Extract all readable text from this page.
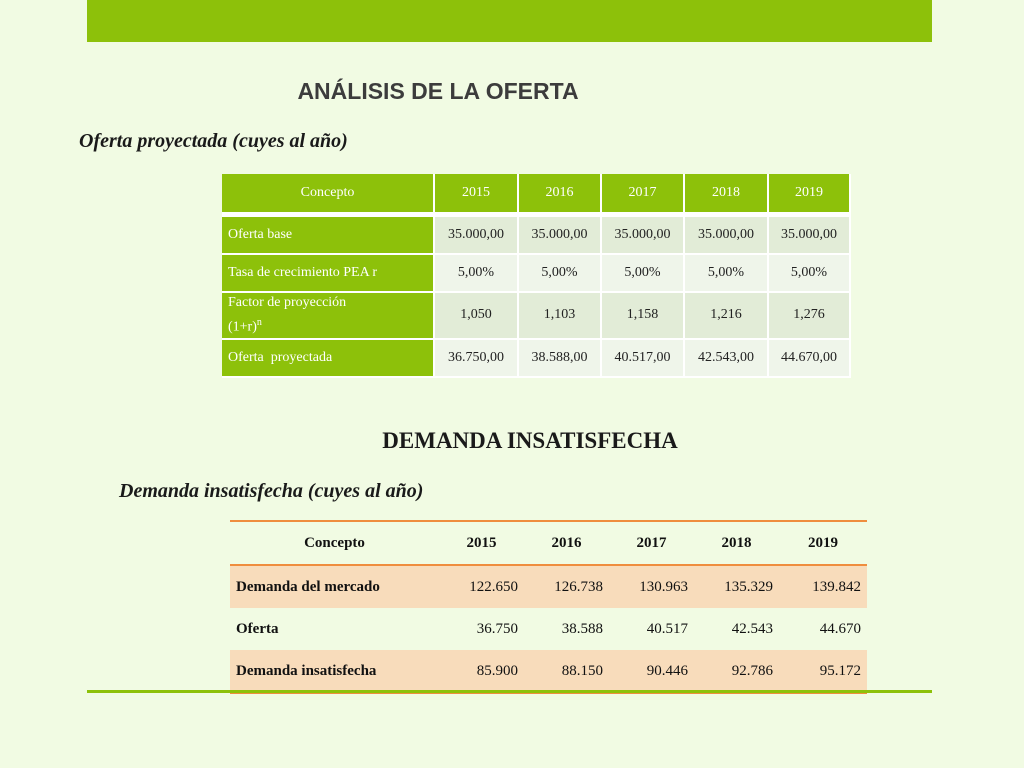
ANÁLISIS DE LA OFERTA
Oferta proyectada (cuyes al año)
Concepto	2015	2016	2017	2018	2019
Oferta base	35.000,00	35.000,00	35.000,00	35.000,00	35.000,00
Tasa de crecimiento PEA r	5,00%	5,00%	5,00%	5,00%	5,00%
Factor de proyección
$(1+r)^n$	1,050	1,103	1,158	1,216	1,276
Oferta  proyectada	36.750,00	38.588,00	40.517,00	42.543,00	44.670,00
DEMANDA INSATISFECHA
Demanda insatisfecha (cuyes al año)
Concepto	2015	2016	2017	2018	2019
Demanda del mercado	122.650	126.738	130.963	135.329	139.842
Oferta	36.750	38.588	40.517	42.543	44.670
Demanda insatisfecha	85.900	88.150	90.446	92.786	95.172
